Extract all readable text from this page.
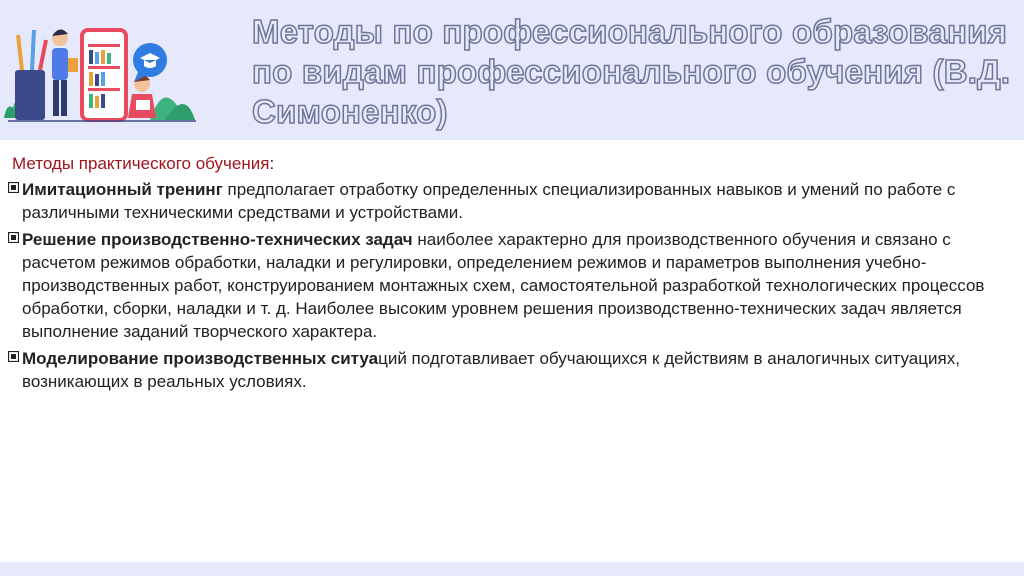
Методы по профессионального образования по видам профессионального обучения (В.Д. Симоненко)
Методы практического обучения:
Имитационный тренинг предполагает отработку определенных специализированных навыков и умений по работе с различными техническими средствами и устройствами.
Решение производственно-технических задач наиболее характерно для производственного обучения и связано с расчетом режимов обработки, наладки и регулировки, определением режимов и параметров выполнения учебно-производственных работ, конструированием монтажных схем, самостоятельной разработкой технологических процессов обработки, сборки, наладки и т. д. Наиболее высоким уровнем решения производственно-технических задач является выполнение заданий творческого характера.
Моделирование производственных ситуаций подготавливает обучающихся к действиям в аналогичных ситуациях, возникающих в реальных условиях.
